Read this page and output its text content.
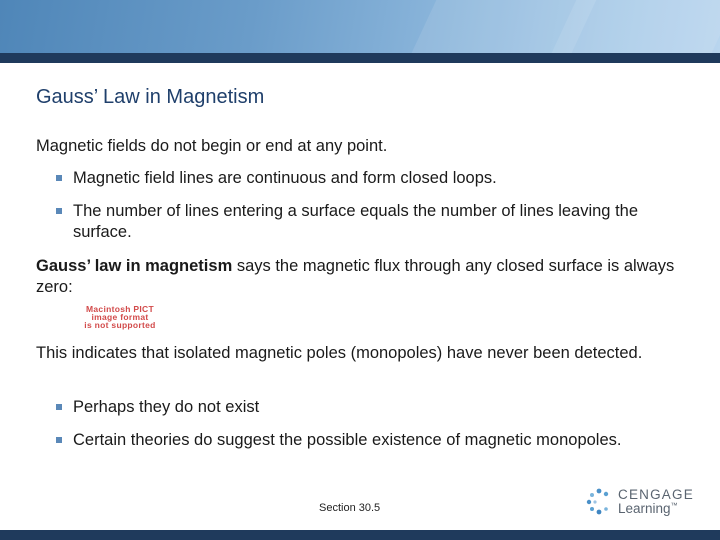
Gauss’ Law in Magnetism

Magnetic fields do not begin or end at any point.

Magnetic field lines are continuous and form closed loops.
The number of lines entering a surface equals the number of lines leaving the surface.

Gauss’ law in magnetism says the magnetic flux through any closed surface is always zero:

Macintosh PICT
image format
is not supported

This indicates that isolated magnetic poles (monopoles) have never been detected.

Perhaps they do not exist
Certain theories do suggest the possible existence of magnetic monopoles.
Section 30.5
CENGAGE
Learning™
